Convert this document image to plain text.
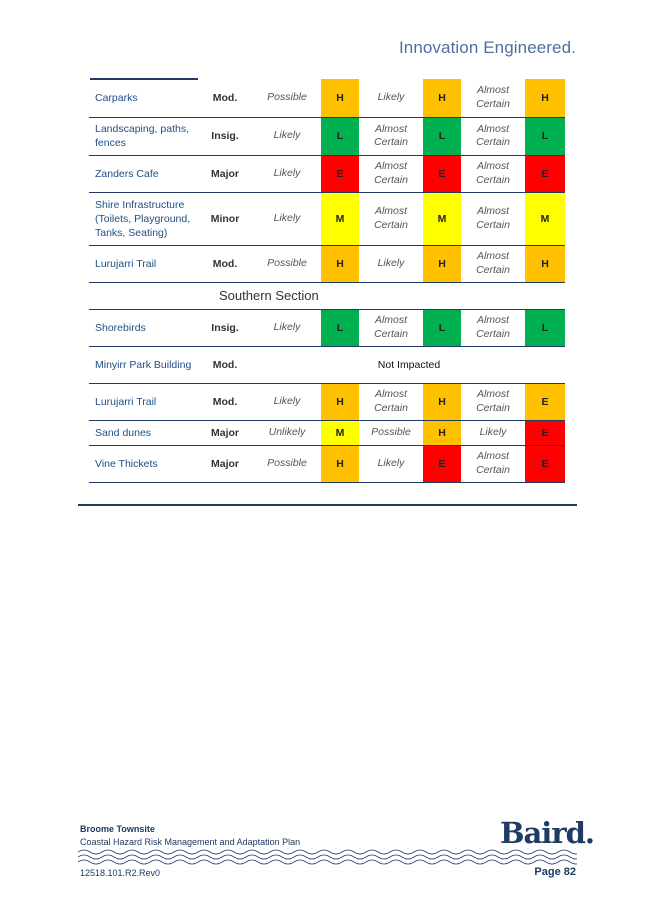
Innovation Engineered.
Carparks	Mod.	Possible	H	Likely	H	Almost Certain	H
Landscaping, paths, fences	Insig.	Likely	L	Almost Certain	L	Almost Certain	L
Zanders Cafe	Major	Likely	E	Almost Certain	E	Almost Certain	E
Shire Infrastructure (Toilets, Playground, Tanks, Seating)	Minor	Likely	M	Almost Certain	M	Almost Certain	M
Lurujarri Trail	Mod.	Possible	H	Likely	H	Almost Certain	H
Southern Section							
Shorebirds	Insig.	Likely	L	Almost Certain	L	Almost Certain	L
Minyirr Park Building	Mod.	Not Impacted					
Lurujarri Trail	Mod.	Likely	H	Almost Certain	H	Almost Certain	E
Sand dunes	Major	Unlikely	M	Possible	H	Likely	E
Vine Thickets	Major	Possible	H	Likely	E	Almost Certain	E
Broome Townsite
Coastal Hazard Risk Management and Adaptation Plan	Baird.
12518.101.R2.Rev0	Page 82
